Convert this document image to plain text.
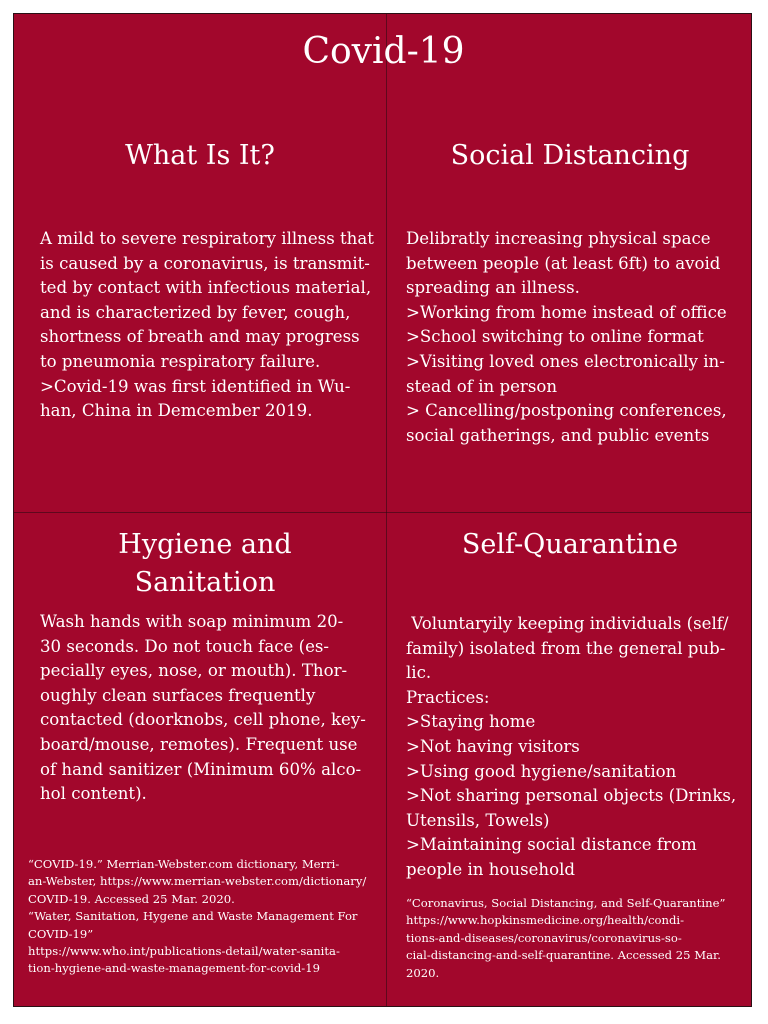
Covid-19
What Is It?
A mild to severe respiratory illness that
is caused by a coronavirus, is transmit-
ted by contact with infectious material,
and is characterized by fever, cough,
shortness of breath and may progress
to pneumonia respiratory failure.
>Covid-19 was first identified in Wu-
han, China in Demcember 2019.
Social Distancing
Delibratly increasing physical space
between people (at least 6ft) to avoid
spreading an illness.
>Working from home instead of office
>School switching to online format
>Visiting loved ones electronically in-
stead of in person
> Cancelling/postponing conferences,
social gatherings, and public events
Hygiene and
Sanitation
Wash hands with soap minimum 20-
30 seconds. Do not touch face (es-
pecially eyes, nose, or mouth). Thor-
oughly clean surfaces frequently
contacted (doorknobs, cell phone, key-
board/mouse, remotes). Frequent use
of hand sanitizer (Minimum 60% alco-
hol content).
“COVID-19.” Merrian-Webster.com dictionary, Merri-
an-Webster, https://www.merrian-webster.com/dictionary/
COVID-19. Accessed 25 Mar. 2020.
“Water, Sanitation, Hygene and Waste Management For
COVID-19”
https://www.who.int/publications-detail/water-sanita-
tion-hygiene-and-waste-management-for-covid-19
Self-Quarantine
Voluntaryily keeping individuals (self/
family) isolated from the general pub-
lic.
Practices:
>Staying home
>Not having visitors
>Using good hygiene/sanitation
>Not sharing personal objects (Drinks,
Utensils, Towels)
>Maintaining social distance from
people in household
“Coronavirus, Social Distancing, and Self-Quarantine”
https://www.hopkinsmedicine.org/health/condi-
tions-and-diseases/coronavirus/coronavirus-so-
cial-distancing-and-self-quarantine. Accessed 25 Mar.
2020.
